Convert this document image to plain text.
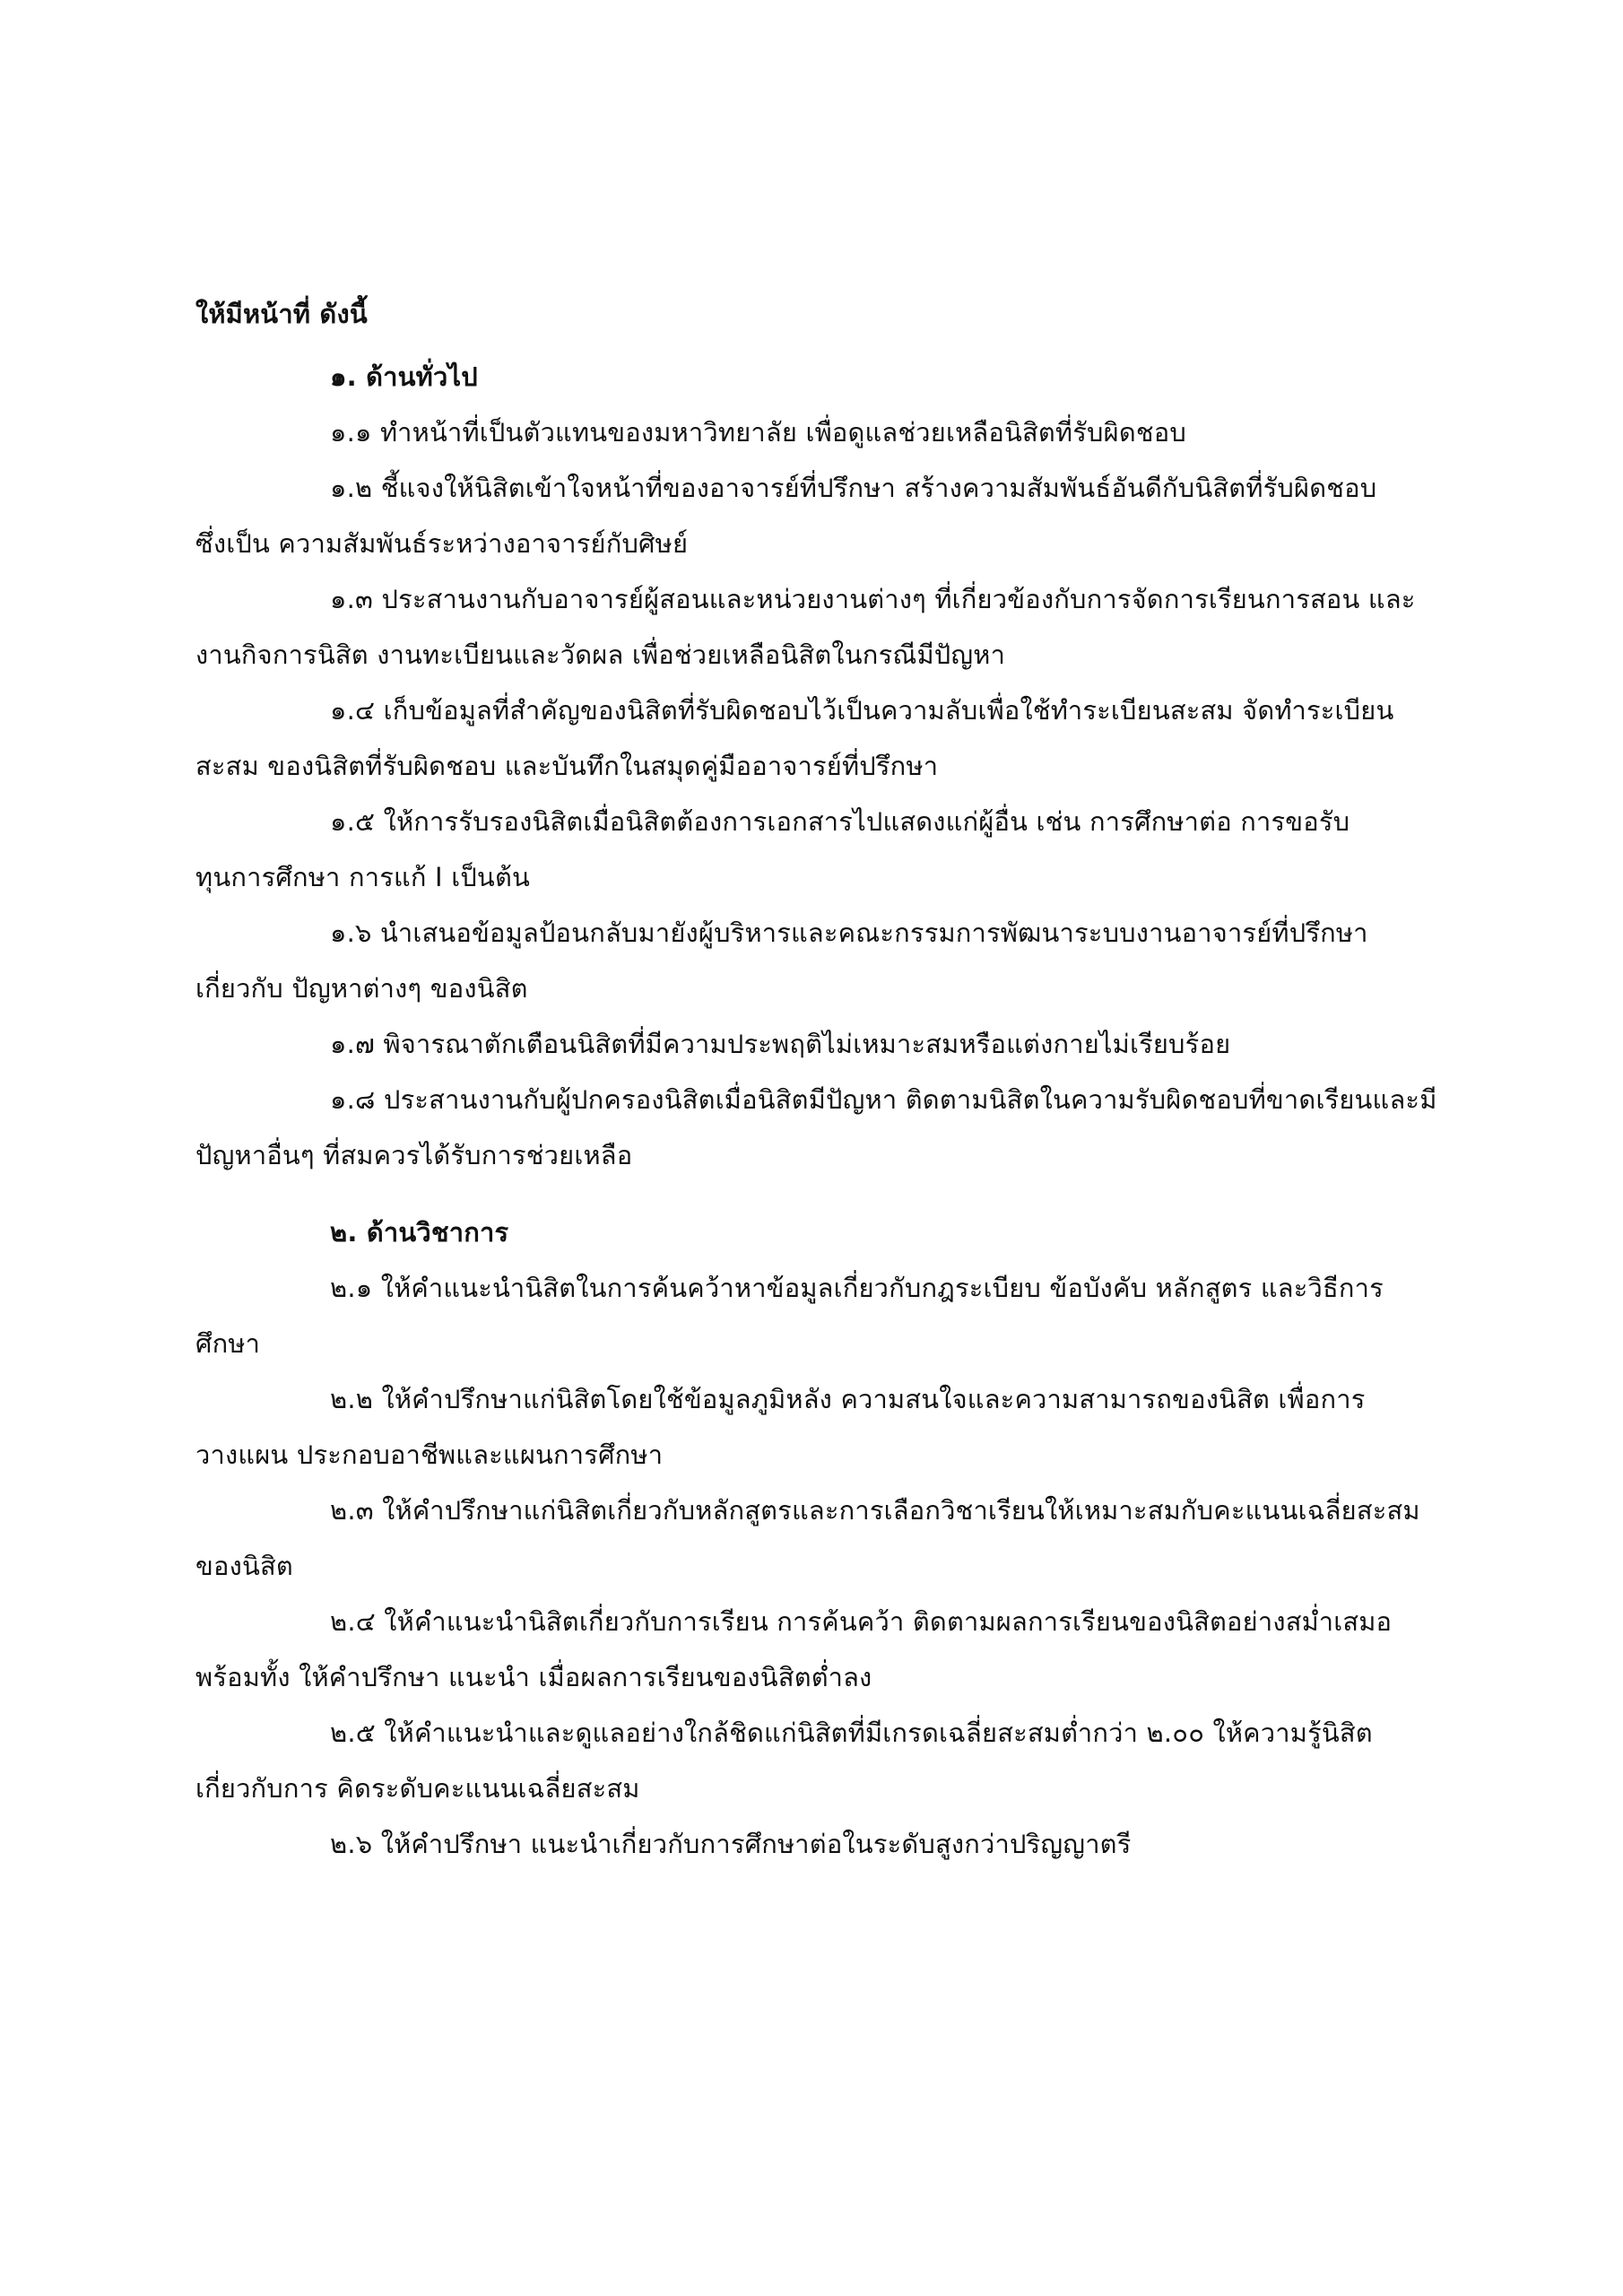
ให้มีหน้าที่ ดังนี้
๑. ด้านทั่วไป
๑.๑ ทำหน้าที่เป็นตัวแทนของมหาวิทยาลัย เพื่อดูแลช่วยเหลือนิสิตที่รับผิดชอบ
๑.๒ ชี้แจงให้นิสิตเข้าใจหน้าที่ของอาจารย์ที่ปรึกษา สร้างความสัมพันธ์อันดีกับนิสิตที่รับผิดชอบ
ซึ่งเป็น ความสัมพันธ์ระหว่างอาจารย์กับศิษย์
๑.๓ ประสานงานกับอาจารย์ผู้สอนและหน่วยงานต่างๆ ที่เกี่ยวข้องกับการจัดการเรียนการสอน และ
งานกิจการนิสิต งานทะเบียนและวัดผล เพื่อช่วยเหลือนิสิตในกรณีมีปัญหา
๑.๔ เก็บข้อมูลที่สำคัญของนิสิตที่รับผิดชอบไว้เป็นความลับเพื่อใช้ทำระเบียนสะสม จัดทำระเบียน
สะสม ของนิสิตที่รับผิดชอบ และบันทึกในสมุดคู่มืออาจารย์ที่ปรึกษา
๑.๕ ให้การรับรองนิสิตเมื่อนิสิตต้องการเอกสารไปแสดงแก่ผู้อื่น เช่น การศึกษาต่อ การขอรับ
ทุนการศึกษา การแก้ I เป็นต้น
๑.๖ นำเสนอข้อมูลป้อนกลับมายังผู้บริหารและคณะกรรมการพัฒนาระบบงานอาจารย์ที่ปรึกษา
เกี่ยวกับ ปัญหาต่างๆ ของนิสิต
๑.๗ พิจารณาตักเตือนนิสิตที่มีความประพฤติไม่เหมาะสมหรือแต่งกายไม่เรียบร้อย
๑.๘ ประสานงานกับผู้ปกครองนิสิตเมื่อนิสิตมีปัญหา ติดตามนิสิตในความรับผิดชอบที่ขาดเรียนและมี
ปัญหาอื่นๆ ที่สมควรได้รับการช่วยเหลือ
๒. ด้านวิชาการ
๒.๑ ให้คำแนะนำนิสิตในการค้นคว้าหาข้อมูลเกี่ยวกับกฎระเบียบ ข้อบังคับ หลักสูตร และวิธีการ
ศึกษา
๒.๒ ให้คำปรึกษาแก่นิสิตโดยใช้ข้อมูลภูมิหลัง ความสนใจและความสามารถของนิสิต เพื่อการ
วางแผน ประกอบอาชีพและแผนการศึกษา
๒.๓ ให้คำปรึกษาแก่นิสิตเกี่ยวกับหลักสูตรและการเลือกวิชาเรียนให้เหมาะสมกับคะแนนเฉลี่ยสะสม
ของนิสิต
๒.๔ ให้คำแนะนำนิสิตเกี่ยวกับการเรียน การค้นคว้า ติดตามผลการเรียนของนิสิตอย่างสม่ำเสมอ
พร้อมทั้ง ให้คำปรึกษา แนะนำ เมื่อผลการเรียนของนิสิตต่ำลง
๒.๕ ให้คำแนะนำและดูแลอย่างใกล้ชิดแก่นิสิตที่มีเกรดเฉลี่ยสะสมต่ำกว่า ๒.๐๐ ให้ความรู้นิสิต
เกี่ยวกับการ คิดระดับคะแนนเฉลี่ยสะสม
๒.๖ ให้คำปรึกษา แนะนำเกี่ยวกับการศึกษาต่อในระดับสูงกว่าปริญญาตรี
